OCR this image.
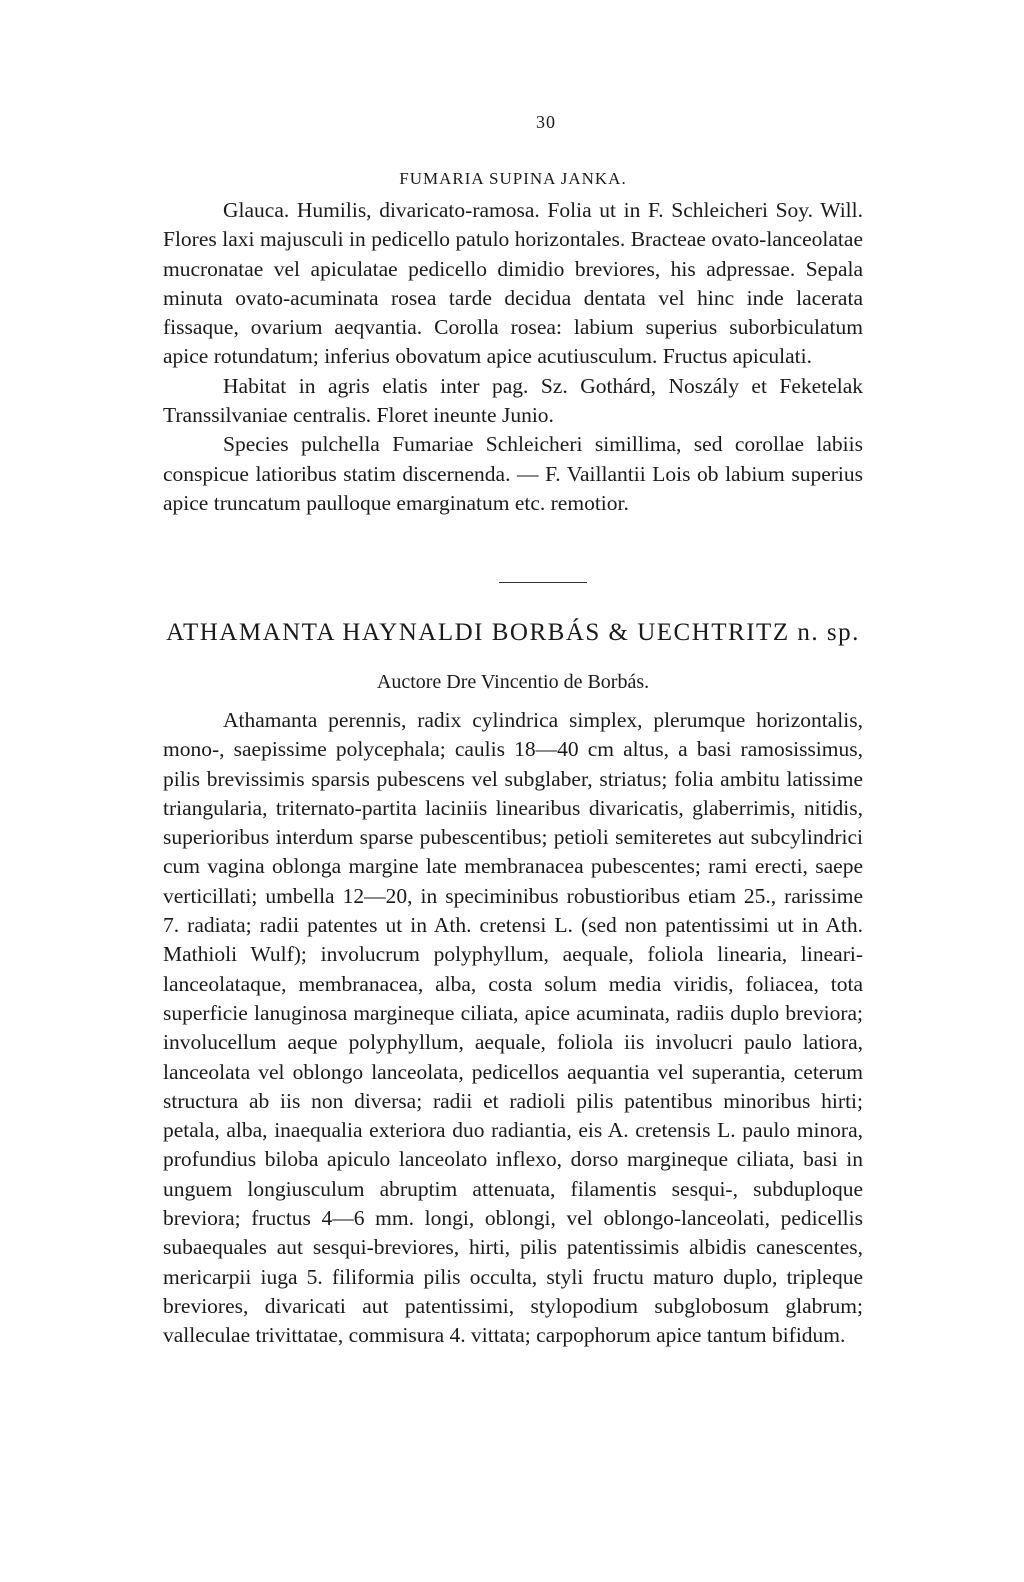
30
FUMARIA SUPINA JANKA.

Glauca. Humilis, divaricato-ramosa. Folia ut in F. Schleicheri Soy. Will. Flores laxi majusculi in pedicello patulo horizontales. Bracteae ovato-lanceolatae mucronatae vel apiculatae pedicello dimidio breviores, his adpressae. Sepala minuta ovato-acuminata rosea tarde decidua dentata vel hinc inde lacerata fissaque, ovarium aeqvantia. Corolla rosea: labium superius suborbiculatum apice rotundatum; inferius obovatum apice acutiusculum. Fructus apiculati.

Habitat in agris elatis inter pag. Sz. Gothárd, Noszály et Feketelak Transsilvaniae centralis. Floret ineunte Junio.

Species pulchella Fumariae Schleicheri simillima, sed corollae labiis conspicue latioribus statim discernenda. — F. Vaillantii Lois ob labium superius apice truncatum paulloque emarginatum etc. remotior.

ATHAMANTA HAYNALDI BORBÁS & UECHTRITZ n. sp.
Auctore Dre Vincentio de Borbás.

Athamanta perennis, radix cylindrica simplex, plerumque horizontalis, mono-, saepissime polycephala; caulis 18—40 cm altus, a basi ramosissimus, pilis brevissimis sparsis pubescens vel subglaber, striatus; folia ambitu latissime triangularia, triternato-partita laciniis linearibus divaricatis, glaberrimis, nitidis, superioribus interdum sparse pubescentibus; petioli semiteretes aut subcylindrici cum vagina oblonga margine late membranacea pubescentes; rami erecti, saepe verticillati; umbella 12—20, in speciminibus robustioribus etiam 25., rarissime 7. radiata; radii patentes ut in Ath. cretensi L. (sed non patentissimi ut in Ath. Mathioli Wulf); involucrum polyphyllum, aequale, foliola linearia, lineari-lanceolataque, membranacea, alba, costa solum media viridis, foliacea, tota superficie lanuginosa margineque ciliata, apice acuminata, radiis duplo breviora; involucellum aeque polyphyllum, aequale, foliola iis involucri paulo latiora, lanceolata vel oblongo lanceolata, pedicellos aequantia vel superantia, ceterum structura ab iis non diversa; radii et radioli pilis patentibus minoribus hirti; petala, alba, inaequalia exteriora duo radiantia, eis A. cretensis L. paulo minora, profundius biloba apiculo lanceolato inflexo, dorso margineque ciliata, basi in unguem longiusculum abruptim attenuata, filamentis sesqui-, subduploque breviora; fructus 4—6 mm. longi, oblongi, vel oblongo-lanceolati, pedicellis subaequales aut sesqui-breviores, hirti, pilis patentissimis albidis canescentes, mericarpii iuga 5. filiformia pilis occulta, styli fructu maturo duplo, tripleque breviores, divaricati aut patentissimi, stylopodium subglobosum glabrum; valleculae trivittatae, commisura 4. vittata; carpophorum apice tantum bifidum.
